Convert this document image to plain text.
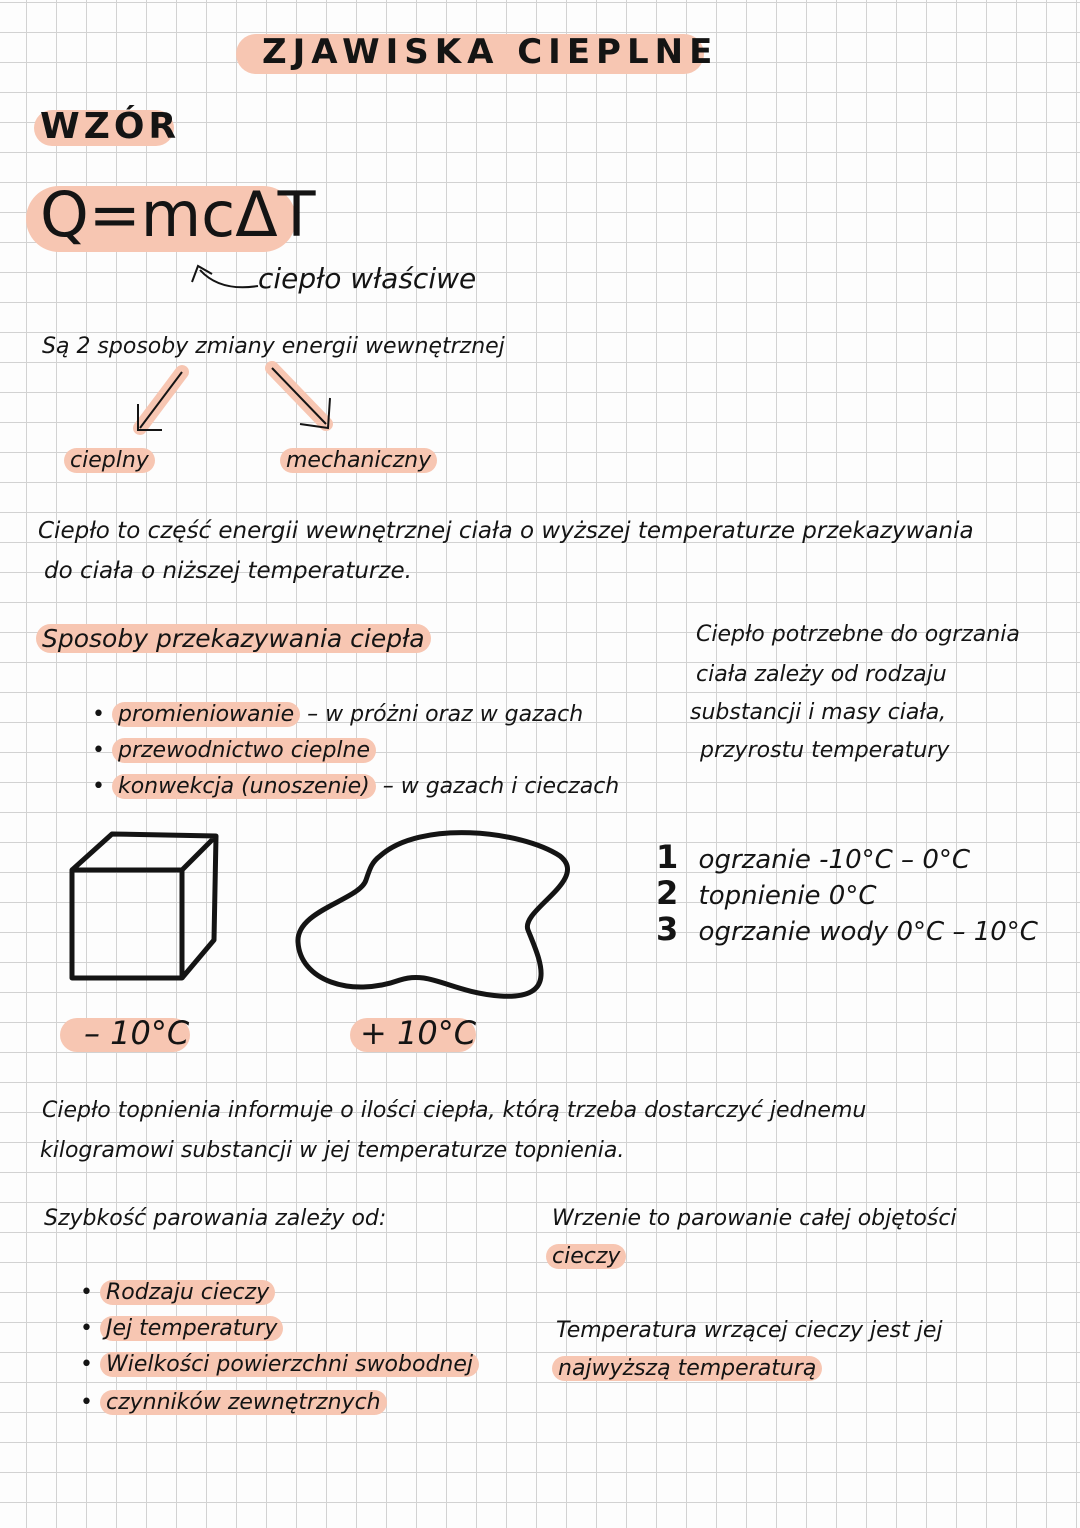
ZJAWISKA CIEPLNE
WZÓR
Q=mcΔT
ciepło właściwe
Są 2 sposoby zmiany energii wewnętrznej
cieplny	mechaniczny
Ciepło to część energii wewnętrznej ciała o wyższej temperaturze przekazywania
do ciała o niższej temperaturze.
Sposoby przekazywania ciepła
• promieniowanie – w próżni oraz w gazach
• przewodnictwo cieplne
• konwekcja (unoszenie) – w gazach i cieczach
Ciepło potrzebne do ogrzania
ciała zależy od rodzaju
substancji i masy ciała,
przyrostu temperatury
1 ogrzanie -10°C – 0°C
2 topnienie 0°C
3 ogrzanie wody 0°C – 10°C
– 10°C	+ 10°C
Ciepło topnienia informuje o ilości ciepła, którą trzeba dostarczyć jednemu
kilogramowi substancji w jej temperaturze topnienia.
Szybkość parowania zależy od:
• Rodzaju cieczy
• Jej temperatury
• Wielkości powierzchni swobodnej
• czynników zewnętrznych
Wrzenie to parowanie całej objętości
cieczy
Temperatura wrzącej cieczy jest jej
najwyższą temperaturą
